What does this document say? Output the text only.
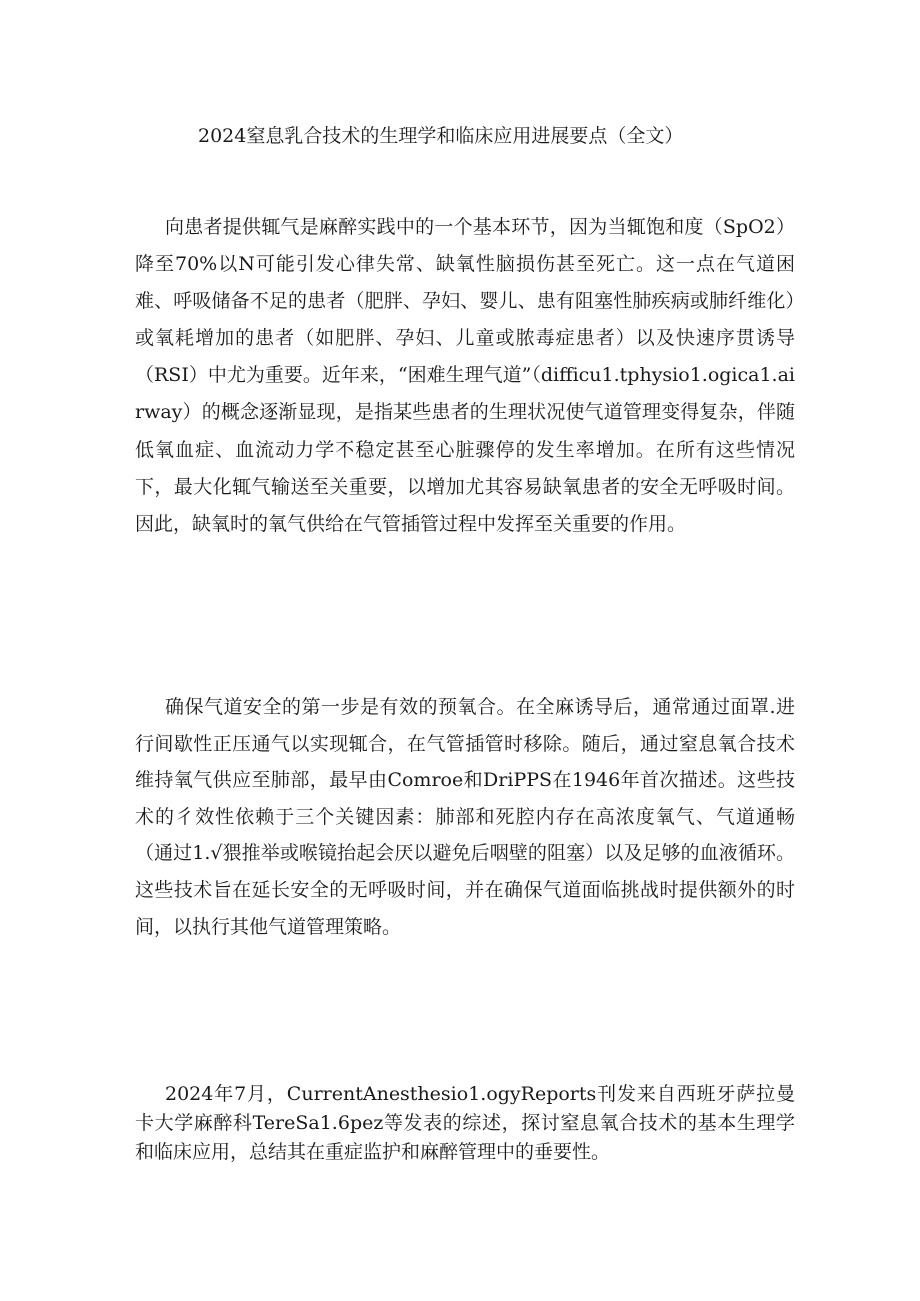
2024窒息乳合技术的生理学和临床应用进展要点（全文）

向患者提供辄气是麻醉实践中的一个基本环节，因为当辄饱和度（SpO2）降至70%以N可能引发心律失常、缺氧性脑损伤甚至死亡。这一点在气道困难、呼吸储备不足的患者（肥胖、孕妇、婴儿、患有阻塞性肺疾病或肺纤维化）或氧耗增加的患者（如肥胖、孕妇、儿童或脓毒症患者）以及快速序贯诱导（RSI）中尤为重要。近年来，“困难生理气道”（difficu1.tphysio1.ogica1.airway）的概念逐渐显现，是指某些患者的生理状况使气道管理变得复杂，伴随低氧血症、血流动力学不稳定甚至心脏骤停的发生率增加。在所有这些情况下，最大化辄气输送至关重要，以增加尤其容易缺氧患者的安全无呼吸时间。因此，缺氧时的氧气供给在气管插管过程中发挥至关重要的作用。

确保气道安全的第一步是有效的预氧合。在全麻诱导后，通常通过面罩.进行间歇性正压通气以实现辄合，在气管插管时移除。随后，通过窒息氧合技术维持氧气供应至肺部，最早由Comroe和DriPPS在1946年首次描述。这些技术的彳效性依赖于三个关键因素：肺部和死腔内存在高浓度氧气、气道通畅（通过1.√猥推举或喉镜抬起会厌以避免后咽壁的阻塞）以及足够的血液循环。这些技术旨在延长安全的无呼吸时间，并在确保气道面临挑战时提供额外的时间，以执行其他气道管理策略。

2024年7月，CurrentAnesthesio1.ogyReports刊发来自西班牙萨拉曼卡大学麻醉科TereSa1.6pez等发表的综述，探讨窒息氧合技术的基本生理学和临床应用，总结其在重症监护和麻醉管理中的垂要性。
